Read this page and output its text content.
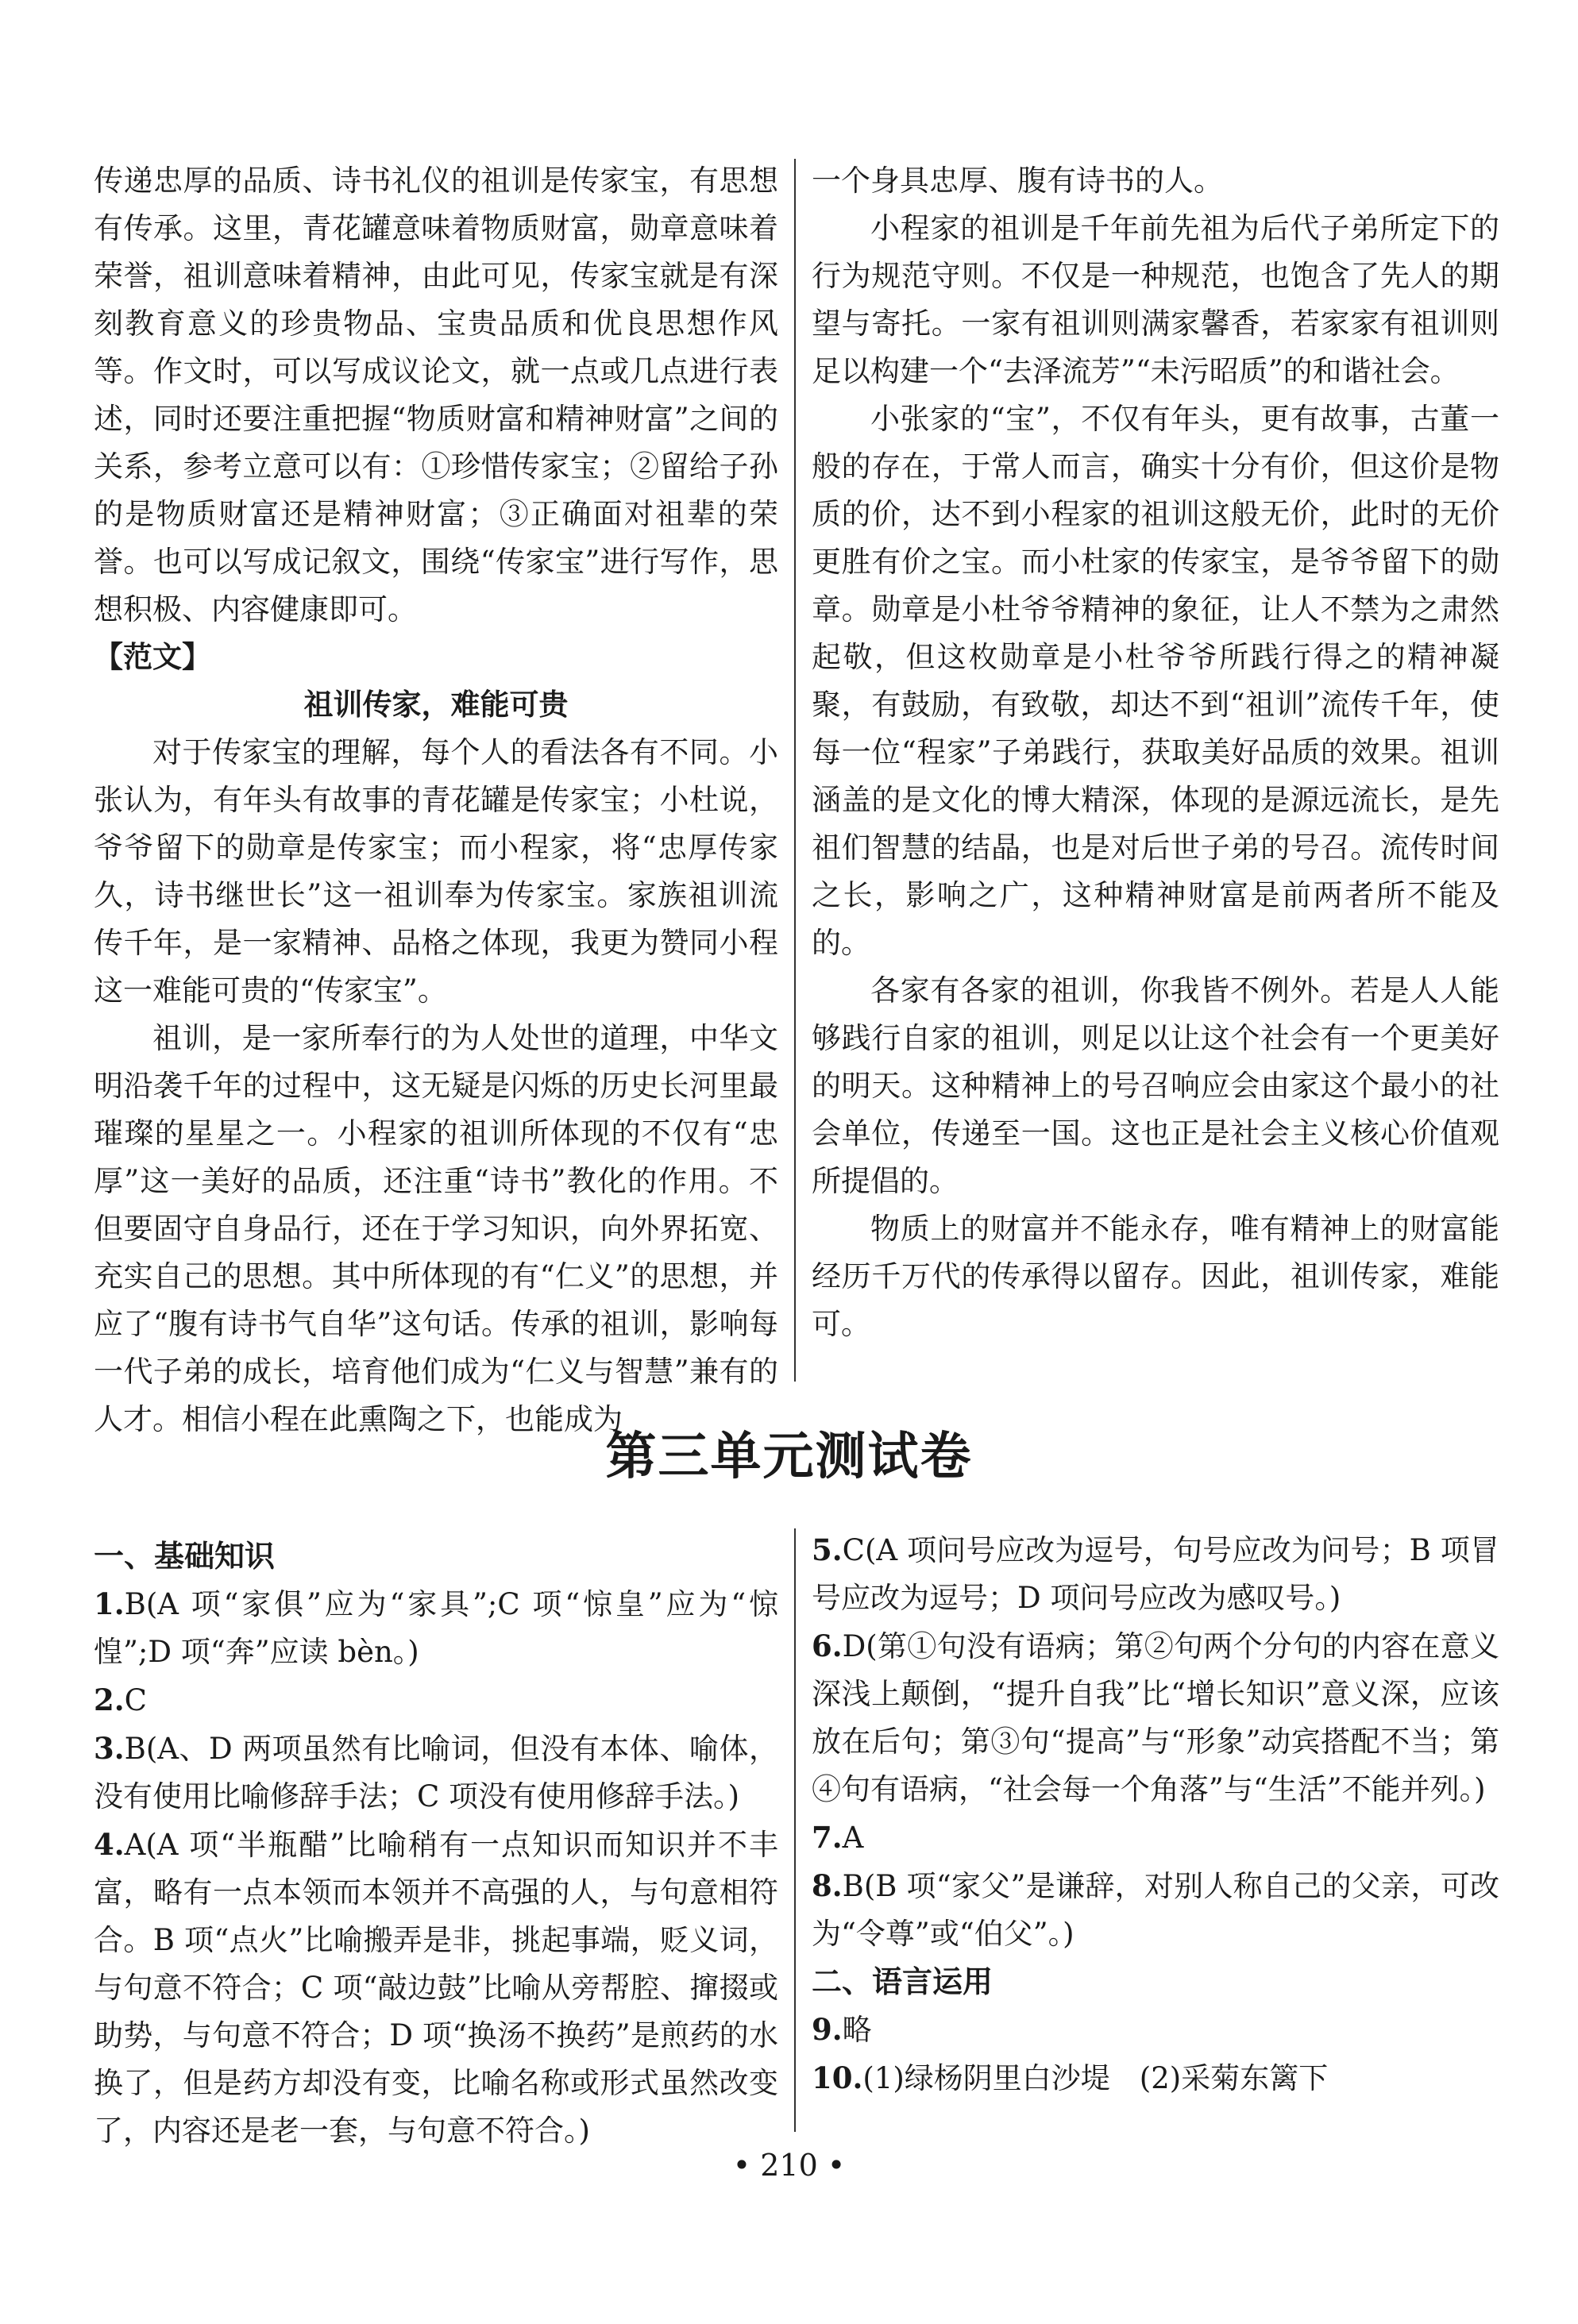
传递忠厚的品质、诗书礼仪的祖训是传家宝，有思想有传承。这里，青花罐意味着物质财富，勋章意味着荣誉，祖训意味着精神，由此可见，传家宝就是有深刻教育意义的珍贵物品、宝贵品质和优良思想作风等。作文时，可以写成议论文，就一点或几点进行表述，同时还要注重把握“物质财富和精神财富”之间的关系，参考立意可以有：①珍惜传家宝；②留给子孙的是物质财富还是精神财富；③正确面对祖辈的荣誉。也可以写成记叙文，围绕“传家宝”进行写作，思想积极、内容健康即可。

【范文】

祖训传家，难能可贵

对于传家宝的理解，每个人的看法各有不同。小张认为，有年头有故事的青花罐是传家宝；小杜说，爷爷留下的勋章是传家宝；而小程家，将“忠厚传家久，诗书继世长”这一祖训奉为传家宝。家族祖训流传千年，是一家精神、品格之体现，我更为赞同小程这一难能可贵的“传家宝”。

祖训，是一家所奉行的为人处世的道理，中华文明沿袭千年的过程中，这无疑是闪烁的历史长河里最璀璨的星星之一。小程家的祖训所体现的不仅有“忠厚”这一美好的品质，还注重“诗书”教化的作用。不但要固守自身品行，还在于学习知识，向外界拓宽、充实自己的思想。其中所体现的有“仁义”的思想，并应了“腹有诗书气自华”这句话。传承的祖训，影响每一代子弟的成长，培育他们成为“仁义与智慧”兼有的人才。相信小程在此熏陶之下，也能成为

一个身具忠厚、腹有诗书的人。

小程家的祖训是千年前先祖为后代子弟所定下的行为规范守则。不仅是一种规范，也饱含了先人的期望与寄托。一家有祖训则满家馨香，若家家有祖训则足以构建一个“去泽流芳”“未污昭质”的和谐社会。

小张家的“宝”，不仅有年头，更有故事，古董一般的存在，于常人而言，确实十分有价，但这价是物质的价，达不到小程家的祖训这般无价，此时的无价更胜有价之宝。而小杜家的传家宝，是爷爷留下的勋章。勋章是小杜爷爷精神的象征，让人不禁为之肃然起敬，但这枚勋章是小杜爷爷所践行得之的精神凝聚，有鼓励，有致敬，却达不到“祖训”流传千年，使每一位“程家”子弟践行，获取美好品质的效果。祖训涵盖的是文化的博大精深，体现的是源远流长，是先祖们智慧的结晶，也是对后世子弟的号召。流传时间之长，影响之广，这种精神财富是前两者所不能及的。

各家有各家的祖训，你我皆不例外。若是人人能够践行自家的祖训，则足以让这个社会有一个更美好的明天。这种精神上的号召响应会由家这个最小的社会单位，传递至一国。这也正是社会主义核心价值观所提倡的。

物质上的财富并不能永存，唯有精神上的财富能经历千万代的传承得以留存。因此，祖训传家，难能可。

第三单元测试卷

一、基础知识

1.B(A 项“家俱”应为“家具”;C 项“惊皇”应为“惊惶”;D 项“奔”应读 bèn。)

2.C

3.B(A、D 两项虽然有比喻词，但没有本体、喻体，没有使用比喻修辞手法；C 项没有使用修辞手法。)

4.A(A 项“半瓶醋”比喻稍有一点知识而知识并不丰富，略有一点本领而本领并不高强的人，与句意相符合。B 项“点火”比喻搬弄是非，挑起事端，贬义词，与句意不符合；C 项“敲边鼓”比喻从旁帮腔、撺掇或助势，与句意不符合；D 项“换汤不换药”是煎药的水换了，但是药方却没有变，比喻名称或形式虽然改变了，内容还是老一套，与句意不符合。)

5.C(A 项问号应改为逗号，句号应改为问号；B 项冒号应改为逗号；D 项问号应改为感叹号。)

6.D(第①句没有语病；第②句两个分句的内容在意义深浅上颠倒，“提升自我”比“增长知识”意义深，应该放在后句；第③句“提高”与“形象”动宾搭配不当；第④句有语病，“社会每一个角落”与“生活”不能并列。)

7.A

8.B(B 项“家父”是谦辞，对别人称自己的父亲，可改为“令尊”或“伯父”。)

二、语言运用

9.略

10.(1)绿杨阴里白沙堤　(2)采菊东篱下

• 210 •
